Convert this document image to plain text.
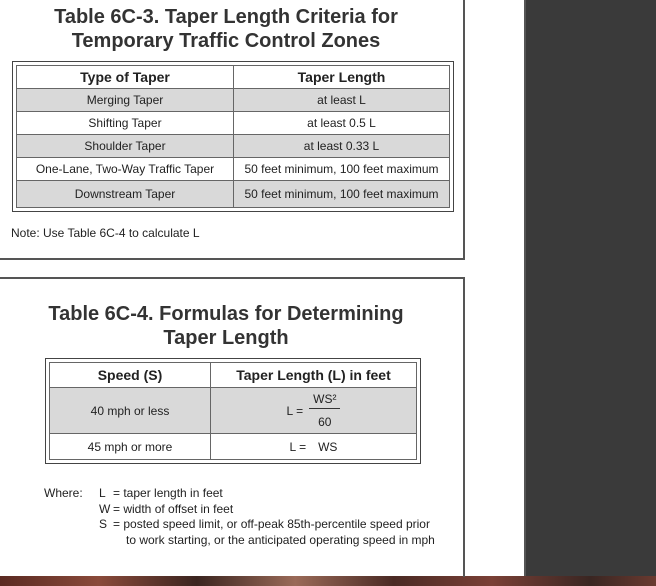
Table 6C-3. Taper Length Criteria for
Temporary Traffic Control Zones
Type of Taper	Taper Length
Merging Taper	at least L
Shifting Taper	at least 0.5 L
Shoulder Taper	at least 0.33 L
One-Lane, Two-Way Traffic Taper	50 feet minimum, 100 feet maximum
Downstream Taper	50 feet minimum, 100 feet maximum
Note: Use Table 6C-4 to calculate L
Table 6C-4. Formulas for Determining
Taper Length
Speed (S)	Taper Length (L) in feet
40 mph or less	$L = \frac{\text{WS²}}{60}$

45 mph or more	L = WS
Where: L = taper length in feet
W = width of offset in feet
S = posted speed limit, or off-peak 85th-percentile speed prior
to work starting, or the anticipated operating speed in mph
